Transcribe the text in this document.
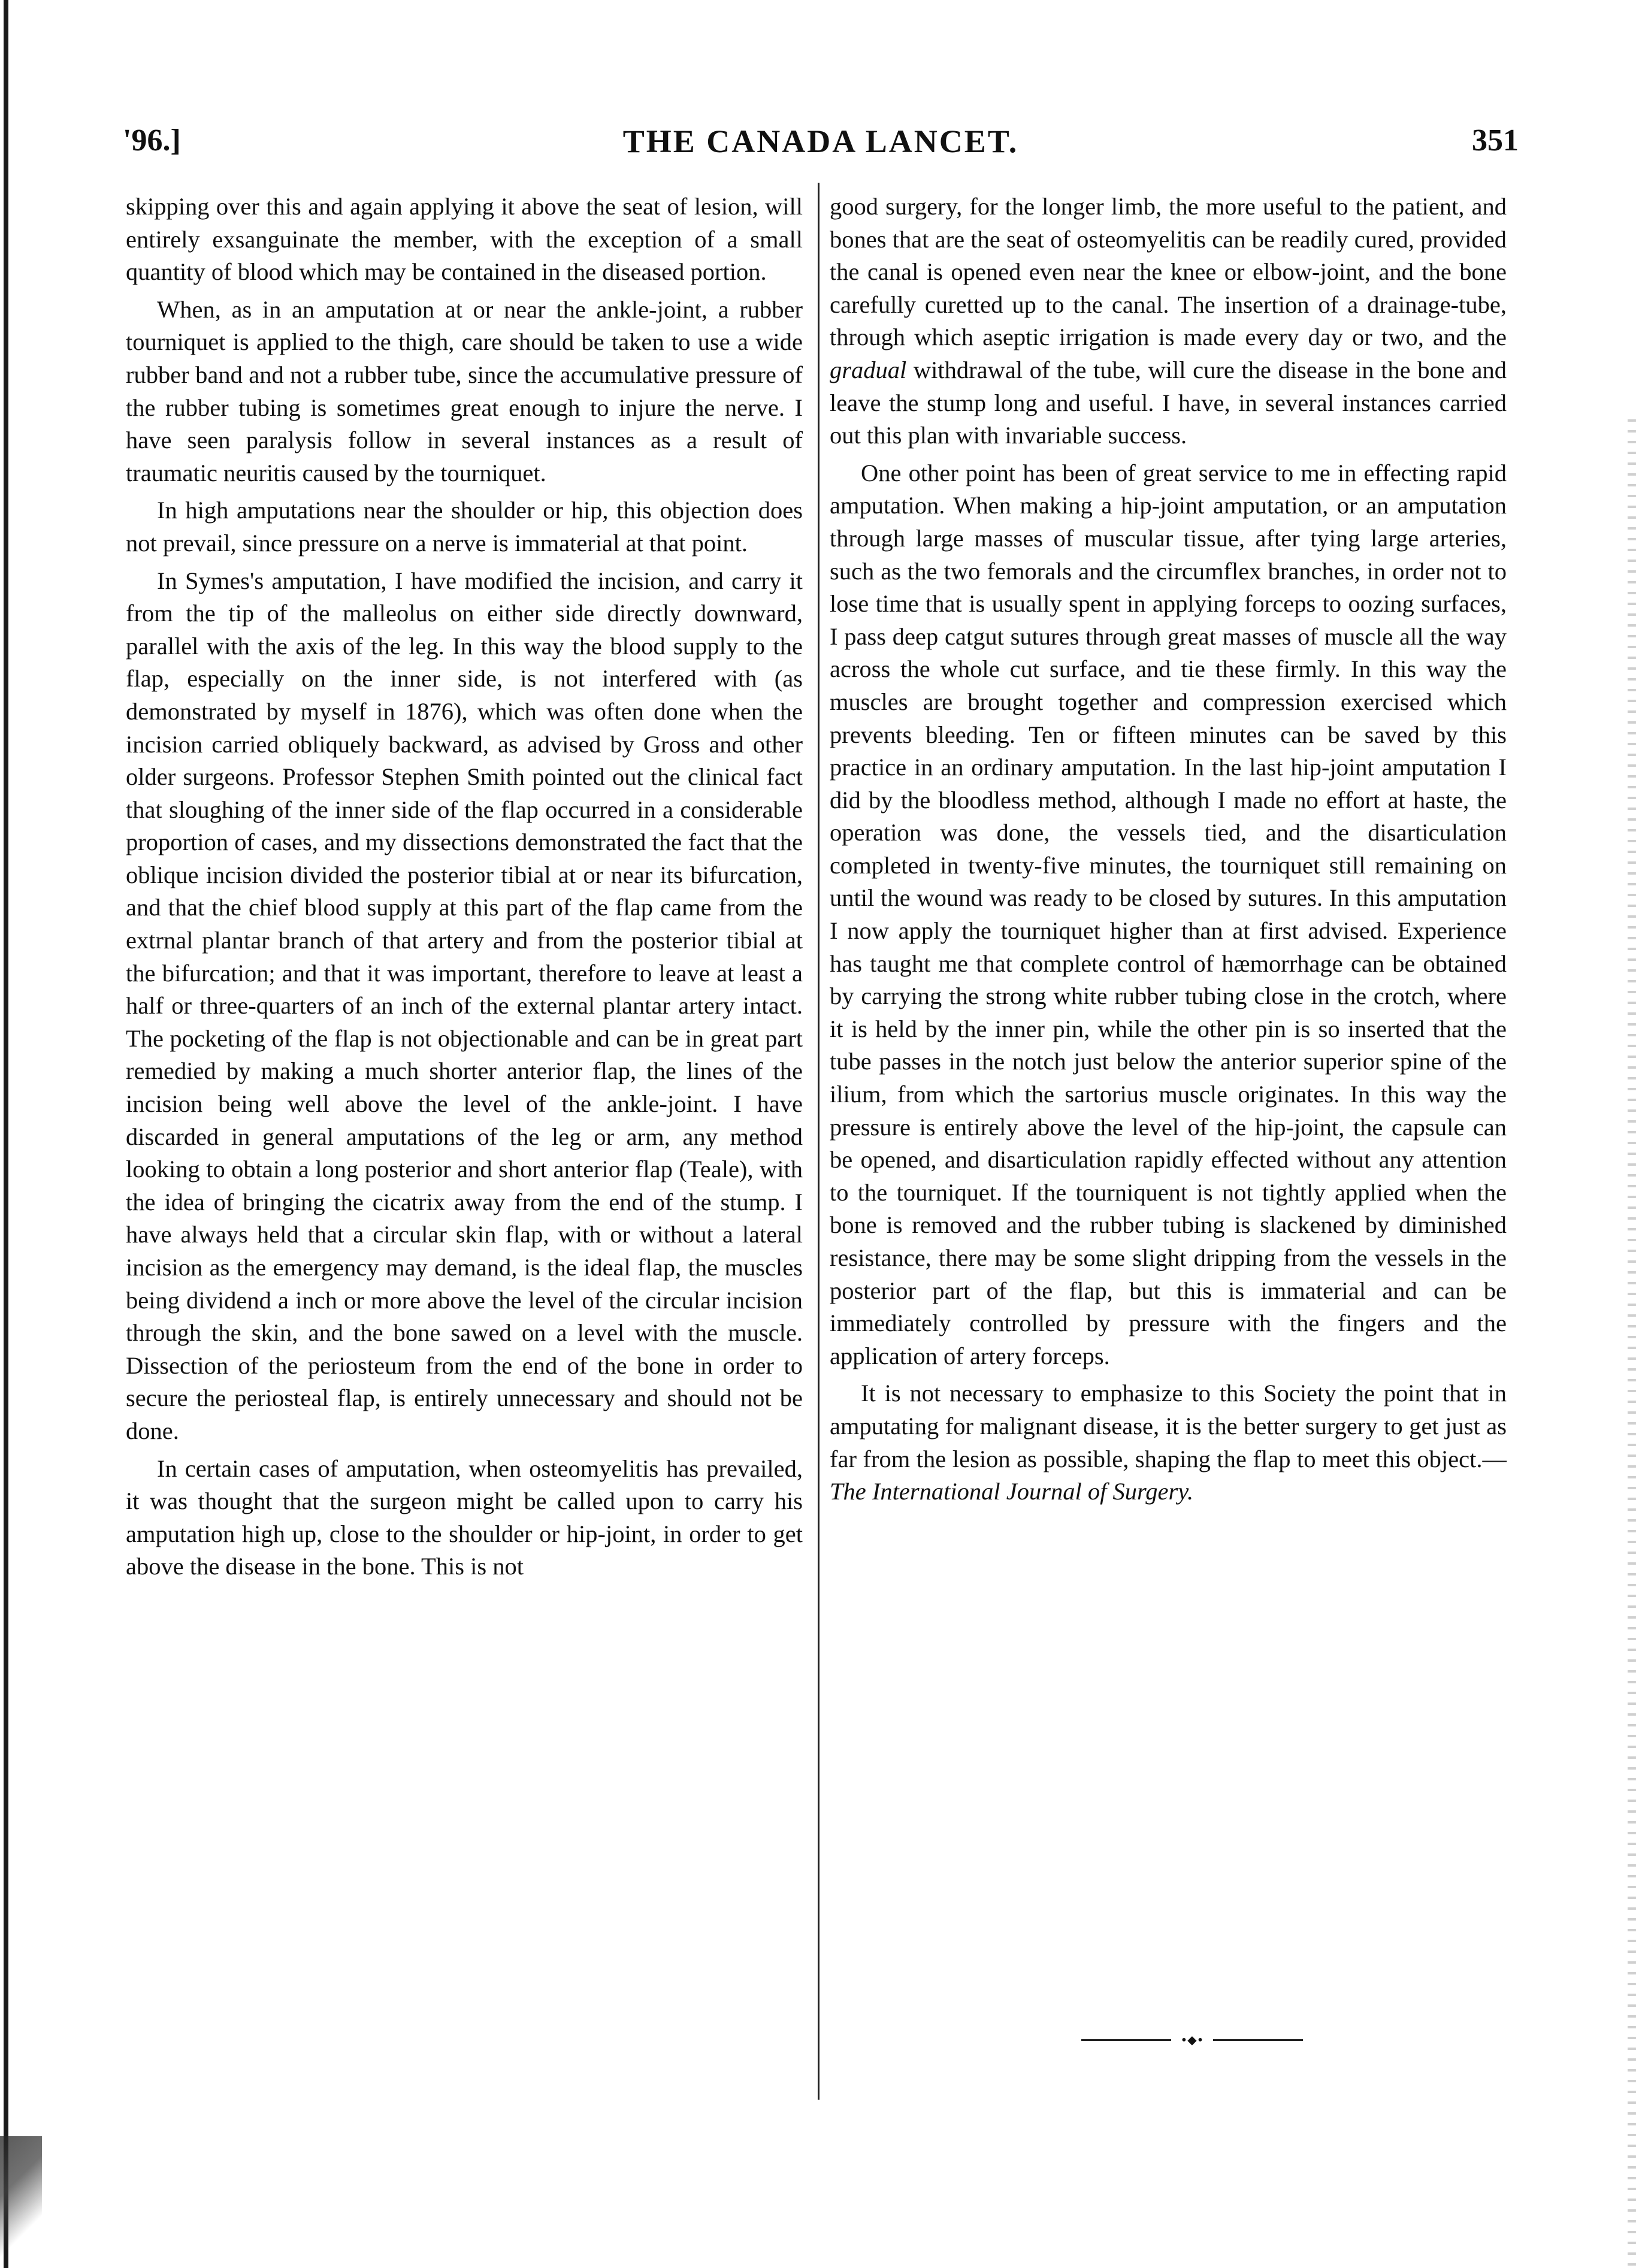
'96.]	THE CANADA LANCET.	351

skipping over this and again applying it above the seat of lesion, will entirely exsanguinate the member, with the exception of a small quantity of blood which may be contained in the diseased portion.

When, as in an amputation at or near the ankle-joint, a rubber tourniquet is applied to the thigh, care should be taken to use a wide rubber band and not a rubber tube, since the accumulative pressure of the rubber tubing is sometimes great enough to injure the nerve. I have seen paralysis follow in several instances as a result of traumatic neuritis caused by the tourniquet.

In high amputations near the shoulder or hip, this objection does not prevail, since pressure on a nerve is immaterial at that point.

In Symes's amputation, I have modified the incision, and carry it from the tip of the malleolus on either side directly downward, parallel with the axis of the leg. In this way the blood supply to the flap, especially on the inner side, is not interfered with (as demonstrated by myself in 1876), which was often done when the incision carried obliquely backward, as advised by Gross and other older surgeons. Professor Stephen Smith pointed out the clinical fact that sloughing of the inner side of the flap occurred in a considerable proportion of cases, and my dissections demonstrated the fact that the oblique incision divided the posterior tibial at or near its bifurcation, and that the chief blood supply at this part of the flap came from the extrnal plantar branch of that artery and from the posterior tibial at the bifurcation; and that it was important, therefore to leave at least a half or three-quarters of an inch of the external plantar artery intact. The pocketing of the flap is not objectionable and can be in great part remedied by making a much shorter anterior flap, the lines of the incision being well above the level of the ankle-joint. I have discarded in general amputations of the leg or arm, any method looking to obtain a long posterior and short anterior flap (Teale), with the idea of bringing the cicatrix away from the end of the stump. I have always held that a circular skin flap, with or without a lateral incision as the emergency may demand, is the ideal flap, the muscles being dividend a inch or more above the level of the circular incision through the skin, and the bone sawed on a level with the muscle. Dissection of the periosteum from the end of the bone in order to secure the periosteal flap, is entirely unnecessary and should not be done.

In certain cases of amputation, when osteomyelitis has prevailed, it was thought that the surgeon might be called upon to carry his amputation high up, close to the shoulder or hip-joint, in order to get above the disease in the bone. This is not

good surgery, for the longer limb, the more useful to the patient, and bones that are the seat of osteomyelitis can be readily cured, provided the canal is opened even near the knee or elbow-joint, and the bone carefully curetted up to the canal. The insertion of a drainage-tube, through which aseptic irrigation is made every day or two, and the gradual withdrawal of the tube, will cure the disease in the bone and leave the stump long and useful. I have, in several instances carried out this plan with invariable success.

One other point has been of great service to me in effecting rapid amputation. When making a hip-joint amputation, or an amputation through large masses of muscular tissue, after tying large arteries, such as the two femorals and the circumflex branches, in order not to lose time that is usually spent in applying forceps to oozing surfaces, I pass deep catgut sutures through great masses of muscle all the way across the whole cut surface, and tie these firmly. In this way the muscles are brought together and compression exercised which prevents bleeding. Ten or fifteen minutes can be saved by this practice in an ordinary amputation. In the last hip-joint amputation I did by the bloodless method, although I made no effort at haste, the operation was done, the vessels tied, and the disarticulation completed in twenty-five minutes, the tourniquet still remaining on until the wound was ready to be closed by sutures. In this amputation I now apply the tourniquet higher than at first advised. Experience has taught me that complete control of hæmorrhage can be obtained by carrying the strong white rubber tubing close in the crotch, where it is held by the inner pin, while the other pin is so inserted that the tube passes in the notch just below the anterior superior spine of the ilium, from which the sartorius muscle originates. In this way the pressure is entirely above the level of the hip-joint, the capsule can be opened, and disarticulation rapidly effected without any attention to the tourniquet. If the tourniquent is not tightly applied when the bone is removed and the rubber tubing is slackened by diminished resistance, there may be some slight dripping from the vessels in the posterior part of the flap, but this is immaterial and can be immediately controlled by pressure with the fingers and the application of artery forceps.

It is not necessary to emphasize to this Society the point that in amputating for malignant disease, it is the better surgery to get just as far from the lesion as possible, shaping the flap to meet this object.—The International Journal of Surgery.

•◆•
